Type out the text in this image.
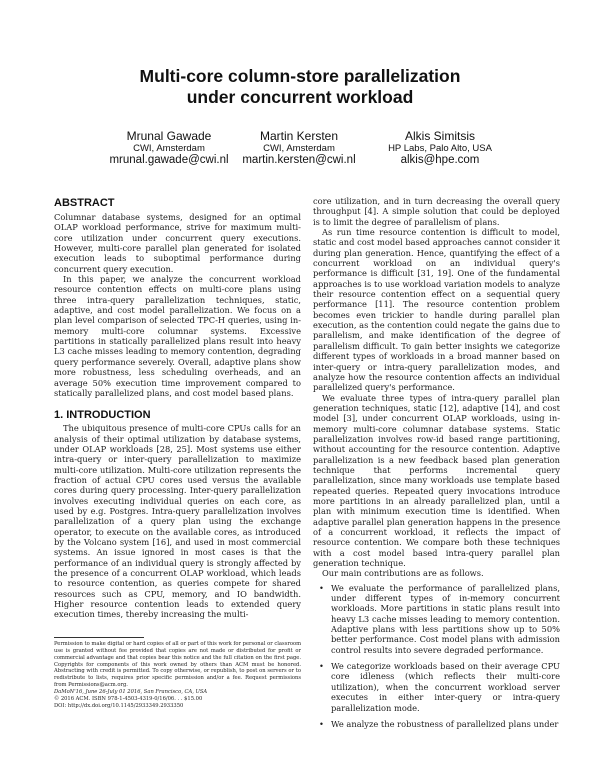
Multi-core column-store parallelization
under concurrent workload
Mrunal Gawade
CWI, Amsterdam
mrunal.gawade@cwi.nl
Martin Kersten
CWI, Amsterdam
martin.kersten@cwi.nl
Alkis Simitsis
HP Labs, Palo Alto, USA
alkis@hpe.com
ABSTRACT

Columnar database systems, designed for an optimal OLAP workload performance, strive for maximum multi-core utilization under concurrent query executions. However, multi-core parallel plan generated for isolated execution leads to suboptimal performance during concurrent query execution.

In this paper, we analyze the concurrent workload resource contention effects on multi-core plans using three intra-query parallelization techniques, static, adaptive, and cost model parallelization. We focus on a plan level comparison of selected TPC-H queries, using in-memory multi-core columnar systems. Excessive partitions in statically parallelized plans result into heavy L3 cache misses leading to memory contention, degrading query performance severely. Overall, adaptive plans show more robustness, less scheduling overheads, and an average 50% execution time improvement compared to statically parallelized plans, and cost model based plans.

1. INTRODUCTION

The ubiquitous presence of multi-core CPUs calls for an analysis of their optimal utilization by database systems, under OLAP workloads [28, 25]. Most systems use either intra-query or inter-query parallelization to maximize multi-core utilization. Multi-core utilization represents the fraction of actual CPU cores used versus the available cores during query processing. Inter-query parallelization involves executing individual queries on each core, as used by e.g. Postgres. Intra-query parallelization involves parallelization of a query plan using the exchange operator, to execute on the available cores, as introduced by the Volcano system [16], and used in most commercial systems. An issue ignored in most cases is that the performance of an individual query is strongly affected by the presence of a concurrent OLAP workload, which leads to resource contention, as queries compete for shared resources such as CPU, memory, and IO bandwidth. Higher resource contention leads to extended query execution times, thereby increasing the multi-

Permission to make digital or hard copies of all or part of this work for personal or classroom use is granted without fee provided that copies are not made or distributed for profit or commercial advantage and that copies bear this notice and the full citation on the first page. Copyrights for components of this work owned by others than ACM must be honored. Abstracting with credit is permitted. To copy otherwise, or republish, to post on servers or to redistribute to lists, requires prior specific permission and/or a fee. Request permissions from Permissions@acm.org.

DaMoN'16, June 26-July 01 2016, San Francisco, CA, USA

© 2016 ACM. ISBN 978-1-4503-4319-0/16/06. . . $15.00

DOI: http://dx.doi.org/10.1145/2933349.2933350

core utilization, and in turn decreasing the overall query throughput [4]. A simple solution that could be deployed is to limit the degree of parallelism of plans.

As run time resource contention is difficult to model, static and cost model based approaches cannot consider it during plan generation. Hence, quantifying the effect of a concurrent workload on an individual query's performance is difficult [31, 19]. One of the fundamental approaches is to use workload variation models to analyze their resource contention effect on a sequential query performance [11]. The resource contention problem becomes even trickier to handle during parallel plan execution, as the contention could negate the gains due to parallelism, and make identification of the degree of parallelism difficult. To gain better insights we categorize different types of workloads in a broad manner based on inter-query or intra-query parallelization modes, and analyze how the resource contention affects an individual parallelized query's performance.

We evaluate three types of intra-query parallel plan generation techniques, static [12], adaptive [14], and cost model [3], under concurrent OLAP workloads, using in-memory multi-core columnar database systems. Static parallelization involves row-id based range partitioning, without accounting for the resource contention. Adaptive parallelization is a new feedback based plan generation technique that performs incremental query parallelization, since many workloads use template based repeated queries. Repeated query invocations introduce more partitions in an already parallelized plan, until a plan with minimum execution time is identified. When adaptive parallel plan generation happens in the presence of a concurrent workload, it reflects the impact of resource contention. We compare both these techniques with a cost model based intra-query parallel plan generation technique.

Our main contributions are as follows.

• We evaluate the performance of parallelized plans, under different types of in-memory concurrent workloads. More partitions in static plans result into heavy L3 cache misses leading to memory contention. Adaptive plans with less partitions show up to 50% better performance. Cost model plans with admission control results into severe degraded performance.
• We categorize workloads based on their average CPU core idleness (which reflects their multi-core utilization), when the concurrent workload server executes in either inter-query or intra-query parallelization mode.
• We analyze the robustness of parallelized plans under
